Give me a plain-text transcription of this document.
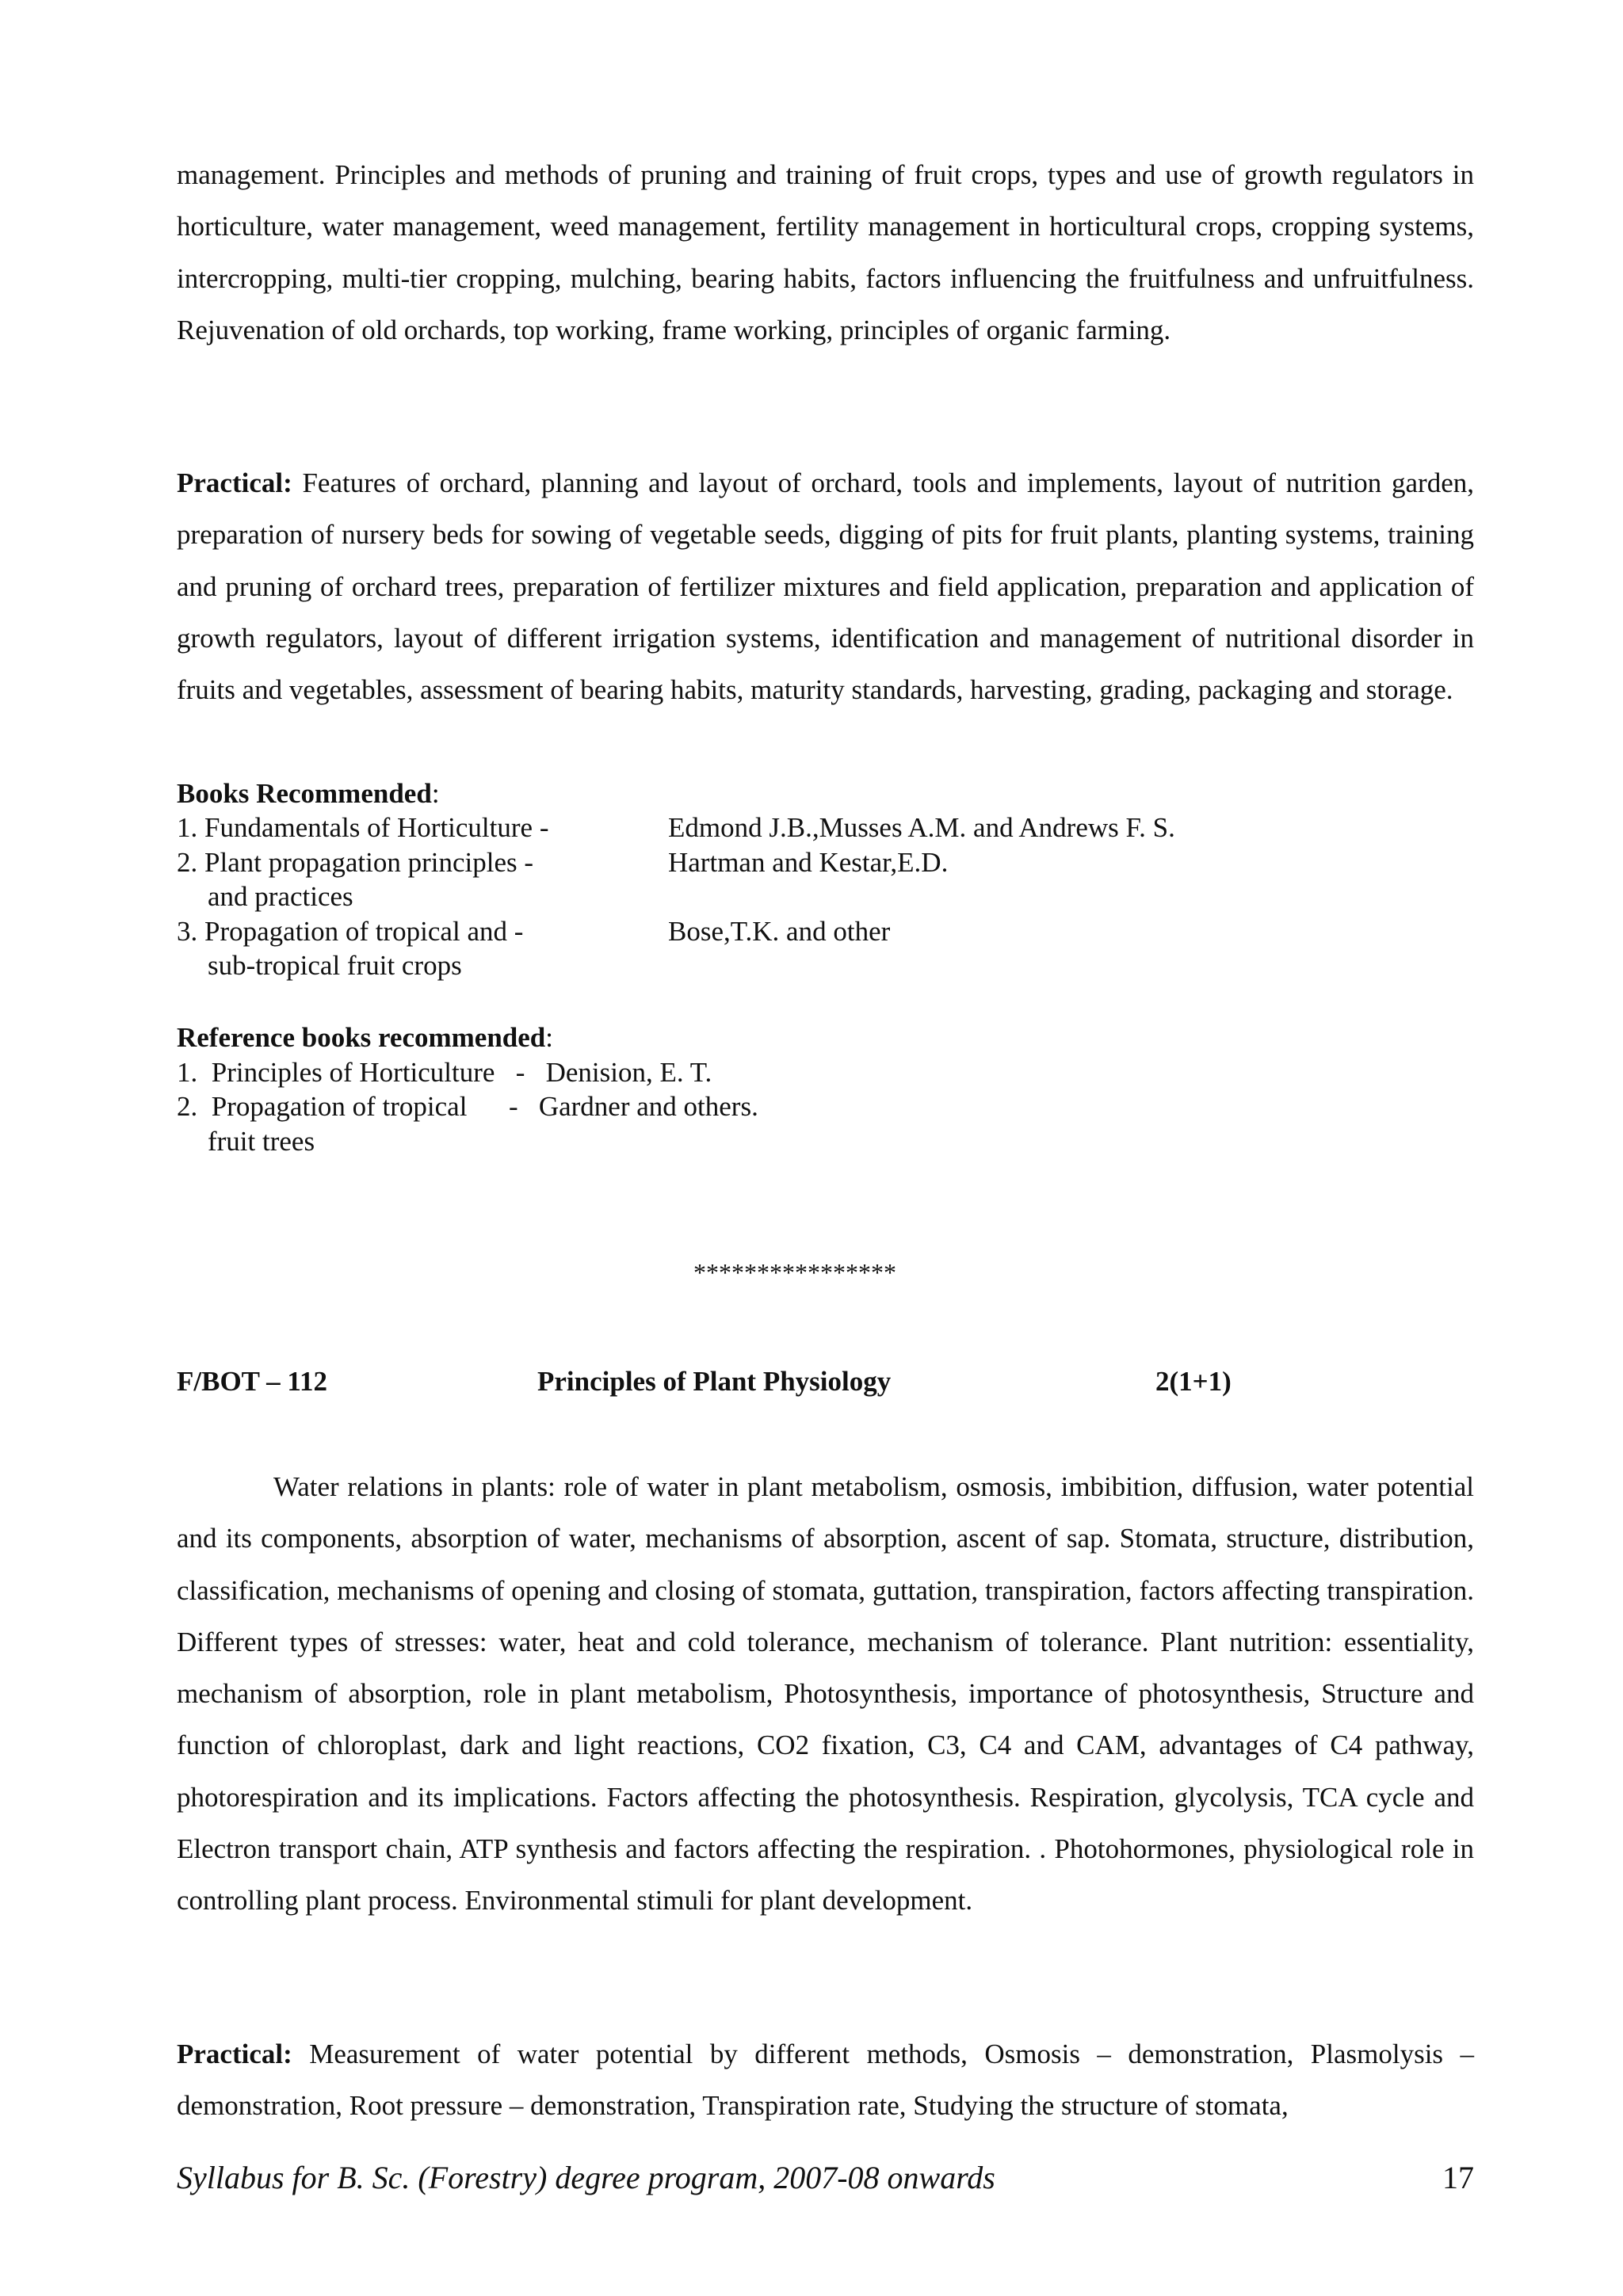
management. Principles and methods of pruning and training of fruit crops, types and use of growth regulators in horticulture, water management, weed management, fertility management in horticultural crops, cropping systems, intercropping, multi-tier cropping, mulching, bearing habits, factors influencing the fruitfulness and unfruitfulness. Rejuvenation of old orchards, top working, frame working, principles of organic farming.

Practical: Features of orchard, planning and layout of orchard, tools and implements, layout of nutrition garden, preparation of nursery beds for sowing of vegetable seeds, digging of pits for fruit plants, planting systems, training and pruning of orchard trees, preparation of fertilizer mixtures and field application, preparation and application of growth regulators, layout of different irrigation systems, identification and management of nutritional disorder in fruits and vegetables, assessment of bearing habits, maturity standards, harvesting, grading, packaging and storage.

Books Recommended:
1. Fundamentals of Horticulture -	Edmond J.B.,Musses A.M. and Andrews F. S.
2. Plant propagation principles -	Hartman and Kestar,E.D.
and practices
3. Propagation of tropical and -	Bose,T.K. and other
sub-tropical fruit crops
Reference books recommended:
1.  Principles of Horticulture   -   Denision, E. T.
2.  Propagation of tropical      -   Gardner and others.
fruit trees
****************
F/BOT – 112	Principles of Plant Physiology	2(1+1)

Water relations in plants: role of water in plant metabolism, osmosis, imbibition, diffusion, water potential and its components, absorption of water, mechanisms of absorption, ascent of sap. Stomata, structure, distribution, classification, mechanisms of opening and closing of stomata, guttation, transpiration, factors affecting transpiration. Different types of stresses: water, heat and cold tolerance, mechanism of tolerance. Plant nutrition: essentiality, mechanism of absorption, role in plant metabolism, Photosynthesis, importance of photosynthesis, Structure and function of chloroplast, dark and light reactions, CO2 fixation, C3, C4 and CAM, advantages of C4 pathway, photorespiration and its implications. Factors affecting the photosynthesis. Respiration, glycolysis, TCA cycle and Electron transport chain, ATP synthesis and factors affecting the respiration. . Photohormones, physiological role in controlling plant process. Environmental stimuli for plant development.

Practical: Measurement of water potential by different methods, Osmosis – demonstration, Plasmolysis – demonstration, Root pressure – demonstration, Transpiration rate, Studying the structure of stomata,

Syllabus for B. Sc. (Forestry) degree program, 2007-08 onwards	17
